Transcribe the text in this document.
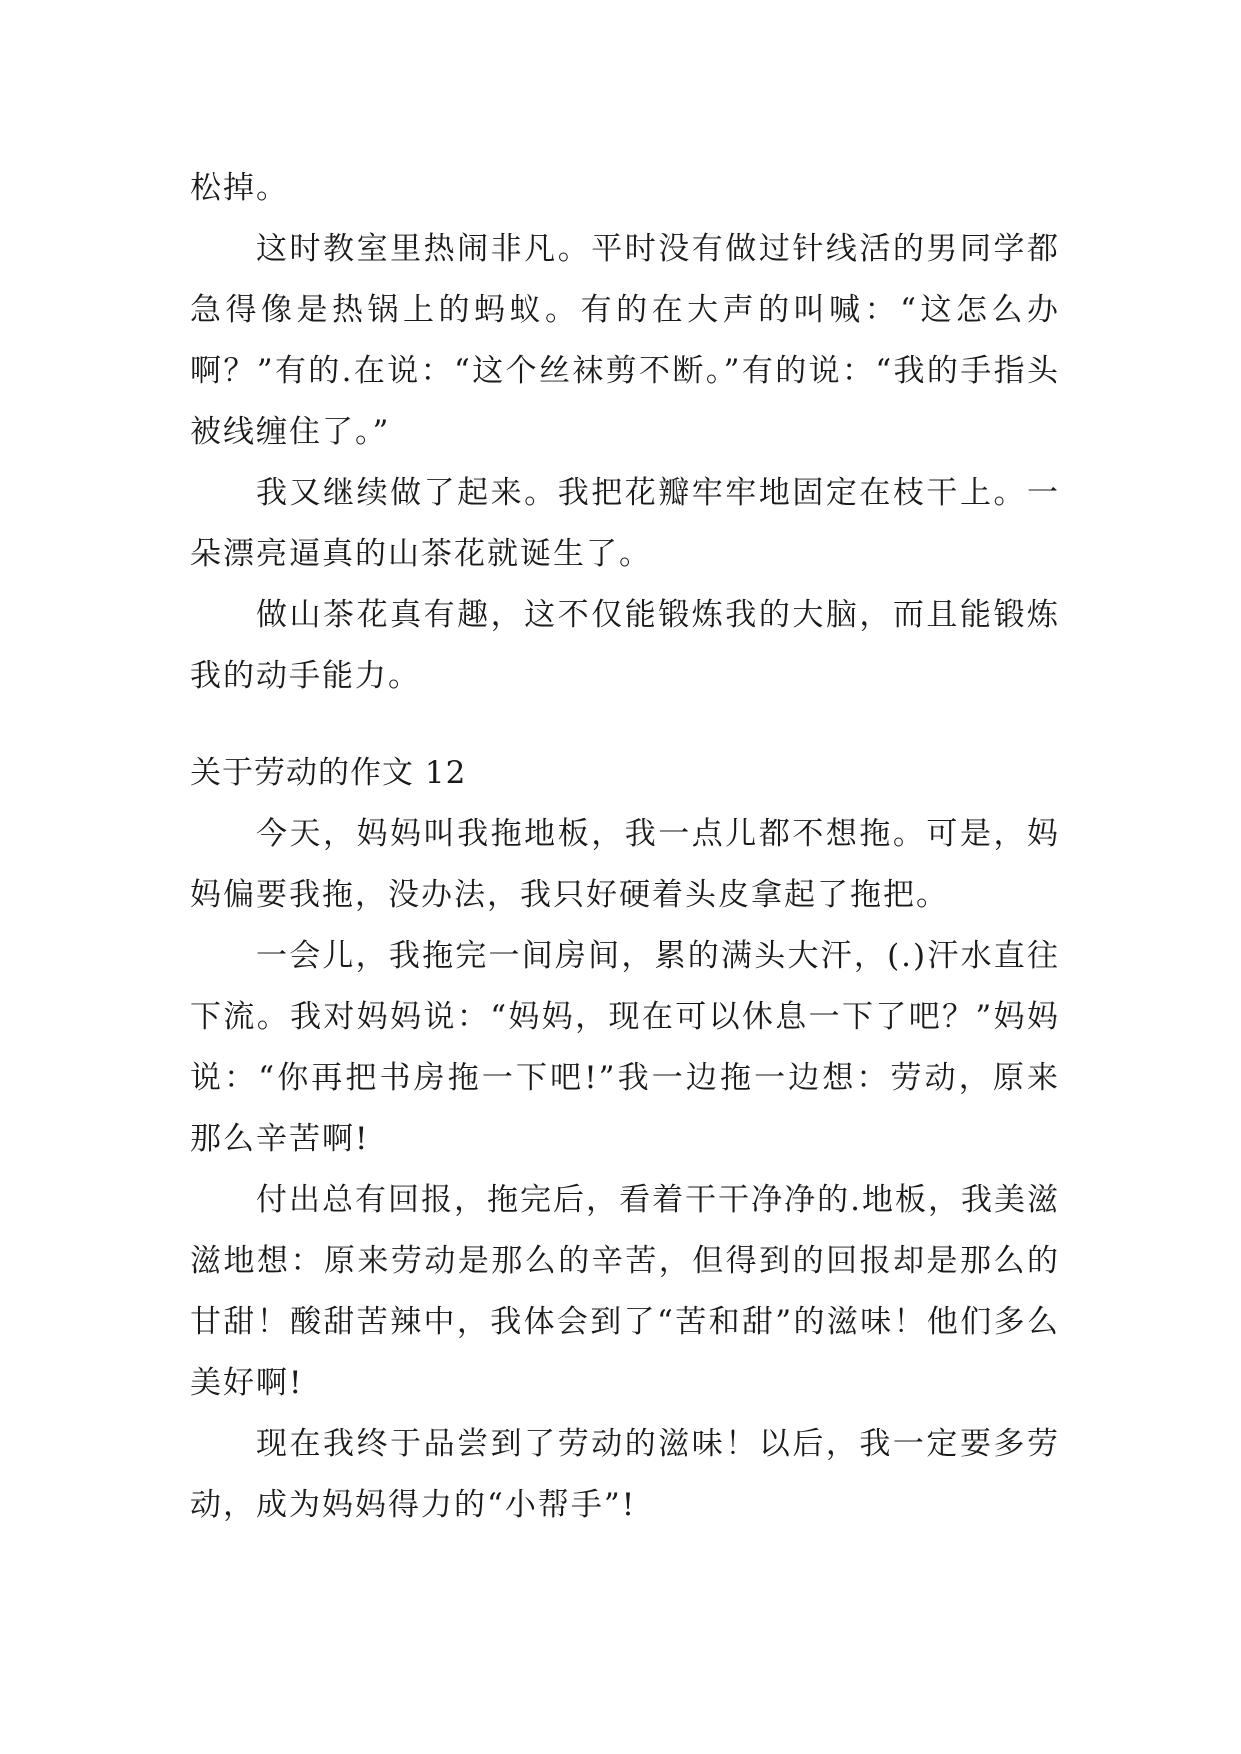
松掉。

这时教室里热闹非凡。平时没有做过针线活的男同学都急得像是热锅上的蚂蚁。有的在大声的叫喊：“这怎么办啊？”有的.在说：“这个丝袜剪不断。”有的说：“我的手指头被线缠住了。”

我又继续做了起来。我把花瓣牢牢地固定在枝干上。一朵漂亮逼真的山茶花就诞生了。

做山茶花真有趣，这不仅能锻炼我的大脑，而且能锻炼我的动手能力。

关于劳动的作文 12

今天，妈妈叫我拖地板，我一点儿都不想拖。可是，妈妈偏要我拖，没办法，我只好硬着头皮拿起了拖把。

一会儿，我拖完一间房间，累的满头大汗，(.)汗水直往下流。我对妈妈说：“妈妈，现在可以休息一下了吧？”妈妈说：“你再把书房拖一下吧!”我一边拖一边想：劳动，原来那么辛苦啊!

付出总有回报，拖完后，看着干干净净的.地板，我美滋滋地想：原来劳动是那么的辛苦，但得到的回报却是那么的甘甜！酸甜苦辣中，我体会到了“苦和甜”的滋味！他们多么美好啊!

现在我终于品尝到了劳动的滋味！以后，我一定要多劳动，成为妈妈得力的“小帮手”!
